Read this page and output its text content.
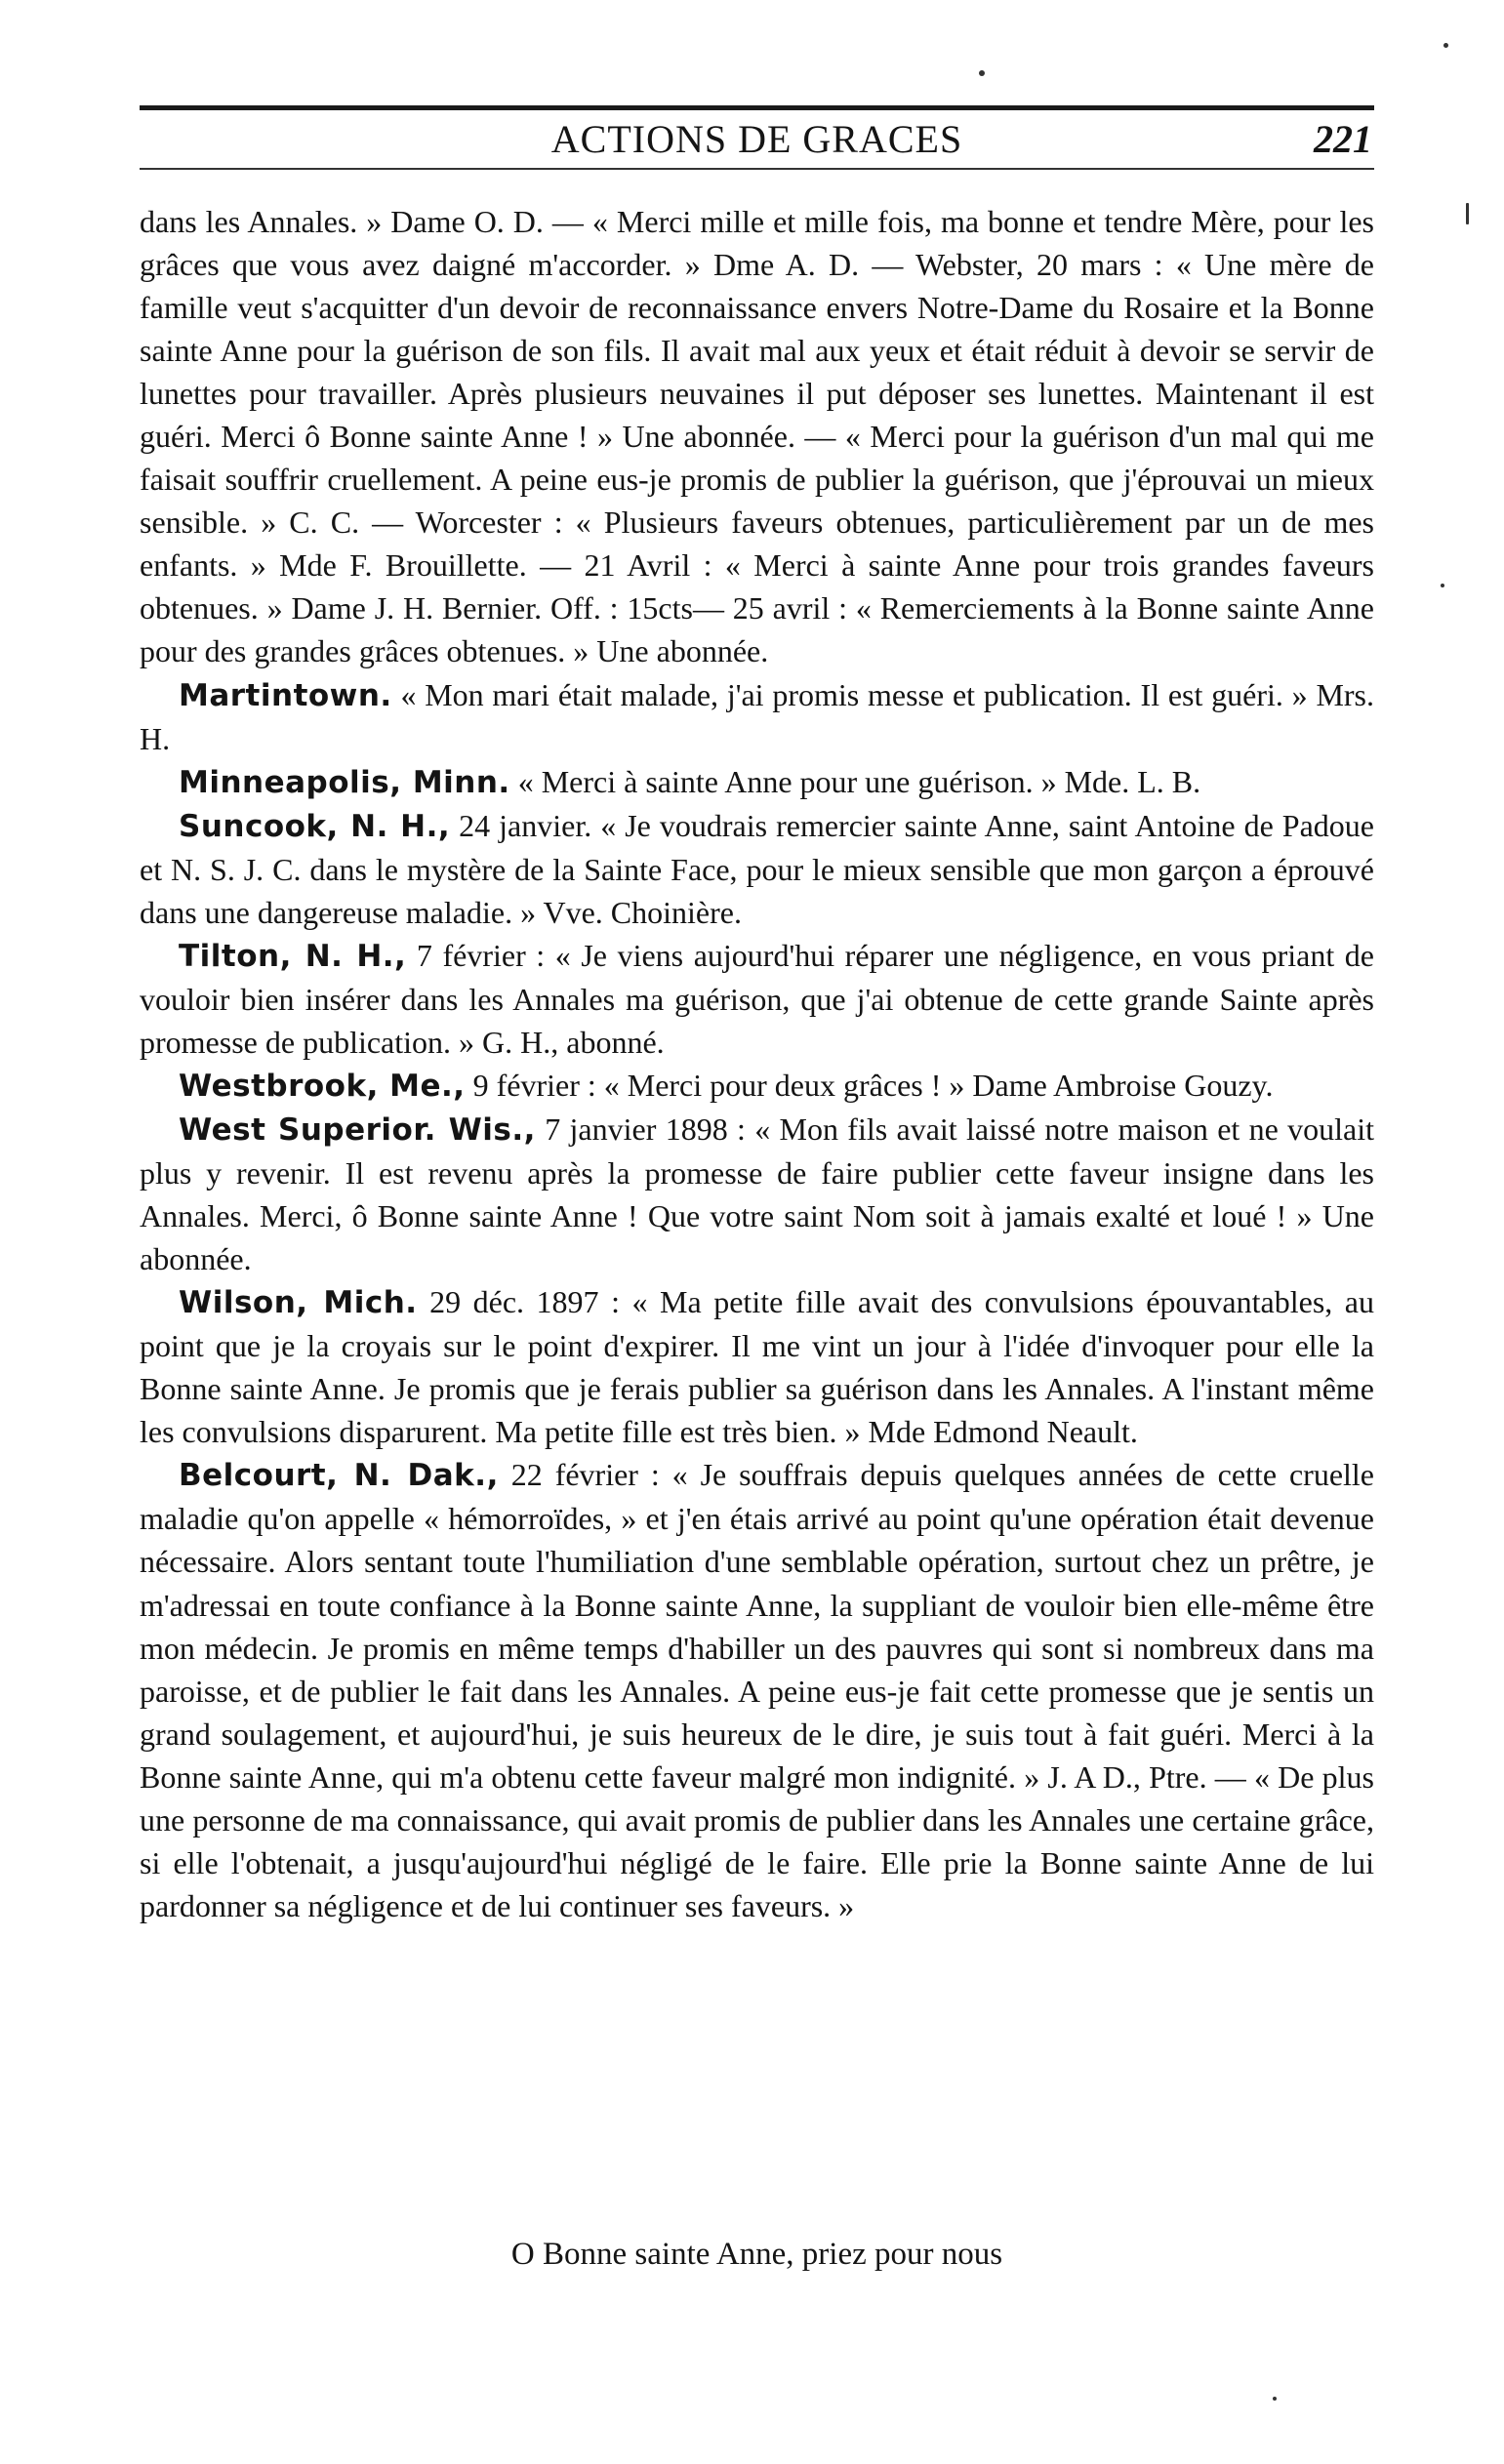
ACTIONS DE GRACES	221

dans les Annales. » Dame O. D. — « Merci mille et mille fois, ma bonne et tendre Mère, pour les grâces que vous avez daigné m'accorder. » Dme A. D. — Webster, 20 mars : « Une mère de famille veut s'acquitter d'un devoir de reconnaissance envers Notre-Dame du Rosaire et la Bonne sainte Anne pour la guérison de son fils. Il avait mal aux yeux et était réduit à devoir se servir de lunettes pour travailler. Après plusieurs neuvaines il put déposer ses lunettes. Maintenant il est guéri. Merci ô Bonne sainte Anne ! » Une abonnée. — « Merci pour la guérison d'un mal qui me faisait souffrir cruellement. A peine eus-je promis de publier la guérison, que j'éprouvai un mieux sensible. » C. C. — Worcester : « Plusieurs faveurs obtenues, particulièrement par un de mes enfants. » Mde F. Brouillette. — 21 Avril : « Merci à sainte Anne pour trois grandes faveurs obtenues. » Dame J. H. Bernier. Off. : 15cts— 25 avril : « Remerciements à la Bonne sainte Anne pour des grandes grâces obtenues. » Une abonnée.

Martintown. « Mon mari était malade, j'ai promis messe et publication. Il est guéri. » Mrs. H.

Minneapolis, Minn. « Merci à sainte Anne pour une guérison. » Mde. L. B.

Suncook, N. H., 24 janvier. « Je voudrais remercier sainte Anne, saint Antoine de Padoue et N. S. J. C. dans le mystère de la Sainte Face, pour le mieux sensible que mon garçon a éprouvé dans une dangereuse maladie. » Vve. Choinière.

Tilton, N. H., 7 février : « Je viens aujourd'hui réparer une négligence, en vous priant de vouloir bien insérer dans les Annales ma guérison, que j'ai obtenue de cette grande Sainte après promesse de publication. » G. H., abonné.

Westbrook, Me., 9 février : « Merci pour deux grâces ! » Dame Ambroise Gouzy.

West Superior. Wis., 7 janvier 1898 : « Mon fils avait laissé notre maison et ne voulait plus y revenir. Il est revenu après la promesse de faire publier cette faveur insigne dans les Annales. Merci, ô Bonne sainte Anne ! Que votre saint Nom soit à jamais exalté et loué ! » Une abonnée.

Wilson, Mich. 29 déc. 1897 : « Ma petite fille avait des convulsions épouvantables, au point que je la croyais sur le point d'expirer. Il me vint un jour à l'idée d'invoquer pour elle la Bonne sainte Anne. Je promis que je ferais publier sa guérison dans les Annales. A l'instant même les convulsions disparurent. Ma petite fille est très bien. » Mde Edmond Neault.

Belcourt, N. Dak., 22 février : « Je souffrais depuis quelques années de cette cruelle maladie qu'on appelle « hémorroïdes, » et j'en étais arrivé au point qu'une opération était devenue nécessaire. Alors sentant toute l'humiliation d'une semblable opération, surtout chez un prêtre, je m'adressai en toute confiance à la Bonne sainte Anne, la suppliant de vouloir bien elle-même être mon médecin. Je promis en même temps d'habiller un des pauvres qui sont si nombreux dans ma paroisse, et de publier le fait dans les Annales. A peine eus-je fait cette promesse que je sentis un grand soulagement, et aujourd'hui, je suis heureux de le dire, je suis tout à fait guéri. Merci à la Bonne sainte Anne, qui m'a obtenu cette faveur malgré mon indignité. » J. A D., Ptre. — « De plus une personne de ma connaissance, qui avait promis de publier dans les Annales une certaine grâce, si elle l'obtenait, a jusqu'aujourd'hui négligé de le faire. Elle prie la Bonne sainte Anne de lui pardonner sa négligence et de lui continuer ses faveurs. »

O Bonne sainte Anne, priez pour nous
